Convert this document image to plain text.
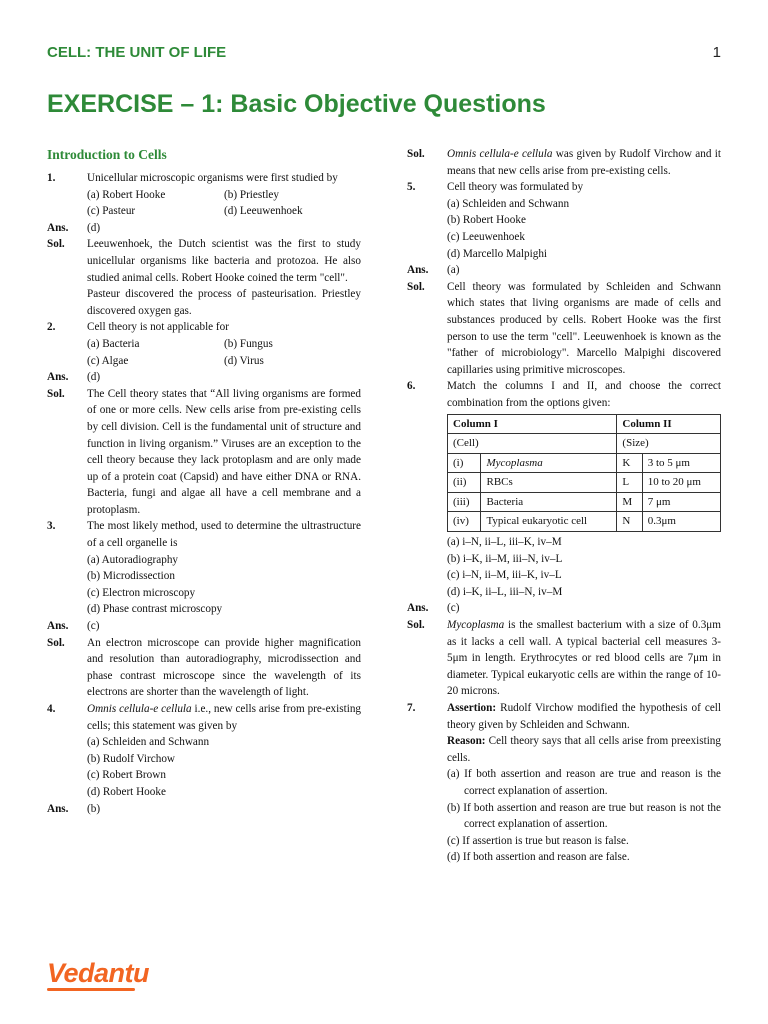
CELL: THE UNIT OF LIFE	1
EXERCISE – 1: Basic Objective Questions
Introduction to Cells
1.	Unicellular microscopic organisms were first studied by
(a) Robert Hooke	(b) Priestley
(c) Pasteur	(d) Leeuwenhoek
Ans. (d)
Sol. Leeuwenhoek, the Dutch scientist was the first to study unicellular organisms like bacteria and protozoa. He also studied animal cells. Robert Hooke coined the term "cell".
Pasteur discovered the process of pasteurisation. Priestley discovered oxygen gas.
2.	Cell theory is not applicable for
(a) Bacteria	(b) Fungus
(c) Algae	(d) Virus
Ans. (d)
Sol. The Cell theory states that “All living organisms are formed of one or more cells. New cells arise from pre-existing cells by cell division. Cell is the fundamental unit of structure and function in living organism.” Viruses are an exception to the cell theory because they lack protoplasm and are only made up of a protein coat (Capsid) and have either DNA or RNA. Bacteria, fungi and algae all have a cell membrane and a protoplasm.
3.	The most likely method, used to determine the ultrastructure of a cell organelle is
(a) Autoradiography
(b) Microdissection
(c) Electron microscopy
(d) Phase contrast microscopy
Ans. (c)
Sol. An electron microscope can provide higher magnification and resolution than autoradiography, microdissection and phase contrast microscope since the wavelength of its electrons are shorter than the wavelength of light.
4.	Omnis cellula-e cellula i.e., new cells arise from pre-existing cells; this statement was given by
(a) Schleiden and Schwann
(b) Rudolf Virchow
(c) Robert Brown
(d) Robert Hooke
Ans. (b)
Sol. Omnis cellula-e cellula was given by Rudolf Virchow and it means that new cells arise from pre-existing cells.
5.	Cell theory was formulated by
(a) Schleiden and Schwann
(b) Robert Hooke
(c) Leeuwenhoek
(d) Marcello Malpighi
Ans. (a)
Sol. Cell theory was formulated by Schleiden and Schwann which states that living organisms are made of cells and substances produced by cells. Robert Hooke was the first person to use the term "cell". Leeuwenhoek is known as the "father of microbiology". Marcello Malpighi discovered capillaries using primitive microscopes.
6.	Match the columns I and II, and choose the correct combination from the options given:
Column I		Column II	
(Cell)		(Size)	
(i)	Mycoplasma	K	3 to 5 μm
(ii)	RBCs	L	10 to 20 μm
(iii)	Bacteria	M	7 μm
(iv)	Typical eukaryotic cell	N	0.3μm
(a) i–N, ii–L, iii–K, iv–M
(b) i–K, ii–M, iii–N, iv–L
(c) i–N, ii–M, iii–K, iv–L
(d) i–K, ii–L, iii–N, iv–M
Ans. (c)
Sol. Mycoplasma is the smallest bacterium with a size of 0.3μm as it lacks a cell wall. A typical bacterial cell measures 3-5μm in length. Erythrocytes or red blood cells are 7μm in diameter. Typical eukaryotic cells are within the range of 10-20 microns.
7.	Assertion: Rudolf Virchow modified the hypothesis of cell theory given by Schleiden and Schwann.
Reason: Cell theory says that all cells arise from preexisting cells.
(a) If both assertion and reason are true and reason is the correct explanation of assertion.
(b) If both assertion and reason are true but reason is not the correct explanation of assertion.
(c) If assertion is true but reason is false.
(d) If both assertion and reason are false.
Vedantu
